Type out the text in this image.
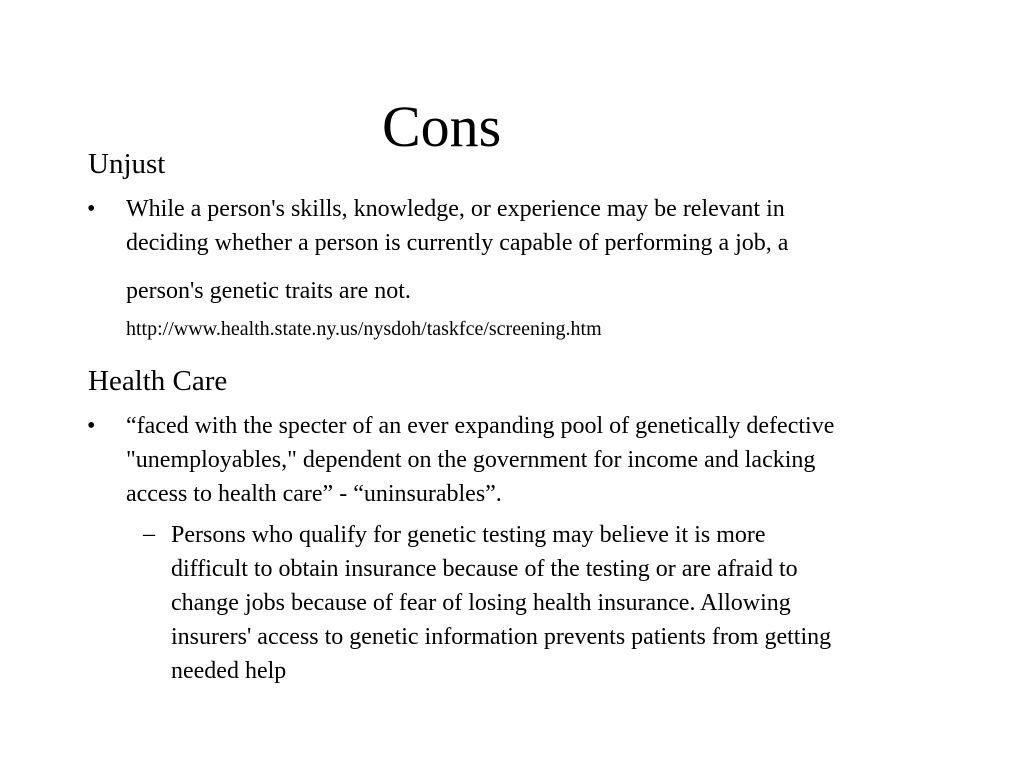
Cons
Unjust
• While a person's skills, knowledge, or experience may be relevant in
deciding whether a person is currently capable of performing a job, a
person's genetic traits are not.
http://www.health.state.ny.us/nysdoh/taskfce/screening.htm
Health Care
• “faced with the specter of an ever expanding pool of genetically defective
"unemployables," dependent on the government for income and lacking
access to health care” - “uninsurables”.
– Persons who qualify for genetic testing may believe it is more
difficult to obtain insurance because of the testing or are afraid to
change jobs because of fear of losing health insurance. Allowing
insurers' access to genetic information prevents patients from getting
needed help
